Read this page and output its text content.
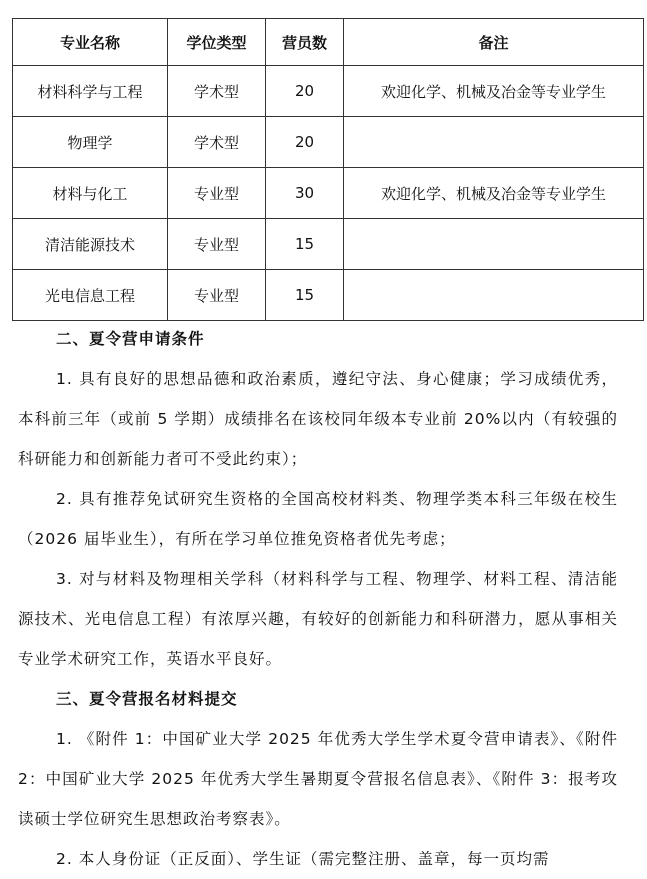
专业名称	学位类型	营员数	备注
材料科学与工程	学术型	20	欢迎化学、机械及冶金等专业学生
物理学	学术型	20	
材料与化工	专业型	30	欢迎化学、机械及冶金等专业学生
清洁能源技术	专业型	15	
光电信息工程	专业型	15	

二、夏令营申请条件

1. 具有良好的思想品德和政治素质，遵纪守法、身心健康；学习成绩优秀，本科前三年（或前 5 学期）成绩排名在该校同年级本专业前 20%以内（有较强的科研能力和创新能力者可不受此约束）；

2. 具有推荐免试研究生资格的全国高校材料类、物理学类本科三年级在校生（2026 届毕业生），有所在学习单位推免资格者优先考虑；

3. 对与材料及物理相关学科（材料科学与工程、物理学、材料工程、清洁能源技术、光电信息工程）有浓厚兴趣，有较好的创新能力和科研潜力，愿从事相关专业学术研究工作，英语水平良好。

三、夏令营报名材料提交

1. 《附件 1：中国矿业大学 2025 年优秀大学生学术夏令营申请表》、《附件 2：中国矿业大学 2025 年优秀大学生暑期夏令营报名信息表》、《附件 3：报考攻读硕士学位研究生思想政治考察表》。

2. 本人身份证（正反面）、学生证（需完整注册、盖章，每一页均需
